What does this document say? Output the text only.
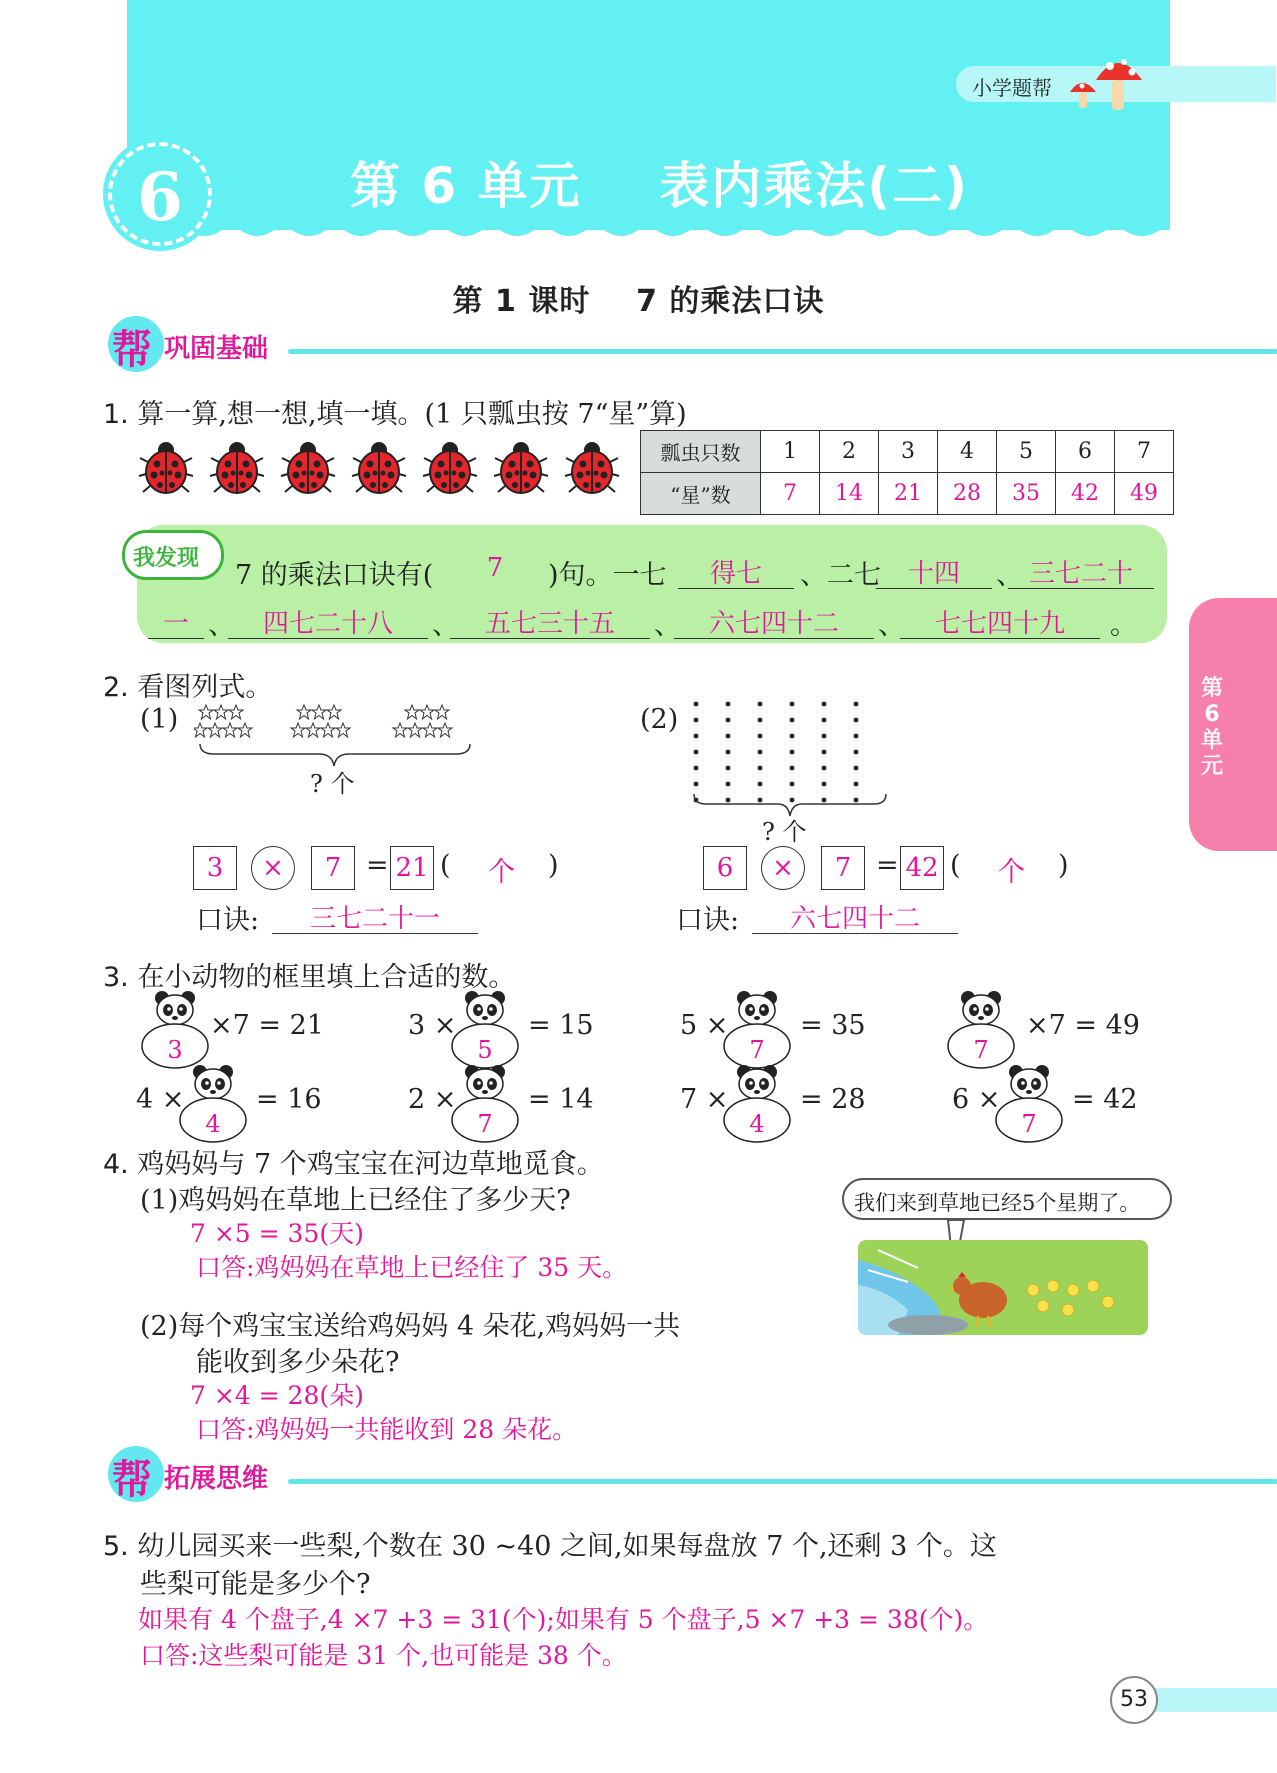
小学题帮
6	第 6 单元    表内乘法(二)
第 1 课时    7 的乘法口诀
帮 巩固基础
1. 算一算,想一想,填一填。(1 只瓢虫按 7“星”算)
瓢虫只数	1	2	3	4	5	6	7
“星”数	7	14	21	28	35	42	49
我发现
7 的乘法口诀有(	7	)句。一七	得七	、二七	十四	、 三七二十
一 、	四七二十八	、 五七三十五	、	六七四十二	、	七七四十九	。
第6单元
2. 看图列式。
(1)
? 个
(2)
? 个
3	×	7 = 21 ( 个 )
口诀:	三七二十一
6	×	7 = 42 ( 个 )
口诀:	六七四十二
3. 在小动物的框里填上合适的数。
3
×7 = 21	3 ×
5
= 15	5 ×
7
= 35
7
×7 = 49
4 ×
4
= 16	2 ×
7
= 14	7 ×
4
= 28	6 ×
7
= 42
4. 鸡妈妈与 7 个鸡宝宝在河边草地觅食。
(1)鸡妈妈在草地上已经住了多少天?
7 ×5 = 35(天)
口答:鸡妈妈在草地上已经住了 35 天。
(2)每个鸡宝宝送给鸡妈妈 4 朵花,鸡妈妈一共
能收到多少朵花?
7 ×4 = 28(朵)
口答:鸡妈妈一共能收到 28 朵花。
我们来到草地已经5个星期了。
帮 拓展思维
5. 幼儿园买来一些梨,个数在 30 ~40 之间,如果每盘放 7 个,还剩 3 个。这
些梨可能是多少个?
如果有 4 个盘子,4 ×7 +3 = 31(个);如果有 5 个盘子,5 ×7 +3 = 38(个)。
口答:这些梨可能是 31 个,也可能是 38 个。
53
